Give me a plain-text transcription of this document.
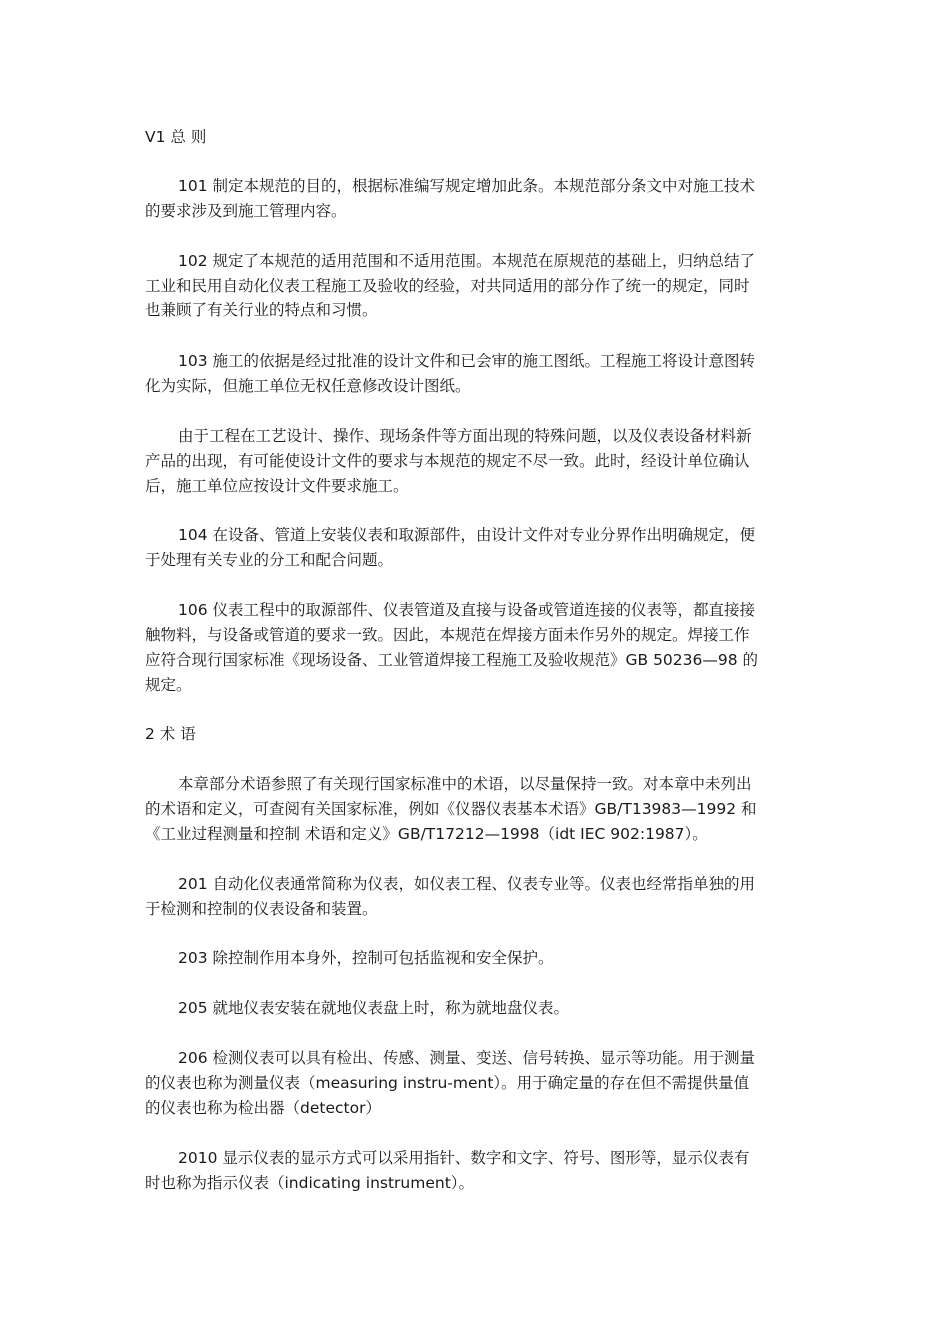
V1 总 则
101 制定本规范的目的，根据标准编写规定增加此条。本规范部分条文中对施工技术
的要求涉及到施工管理内容。
102 规定了本规范的适用范围和不适用范围。本规范在原规范的基础上，归纳总结了
工业和民用自动化仪表工程施工及验收的经验，对共同适用的部分作了统一的规定，同时
也兼顾了有关行业的特点和习惯。
103 施工的依据是经过批准的设计文件和已会审的施工图纸。工程施工将设计意图转
化为实际，但施工单位无权任意修改设计图纸。
由于工程在工艺设计、操作、现场条件等方面出现的特殊问题，以及仪表设备材料新
产品的出现，有可能使设计文件的要求与本规范的规定不尽一致。此时，经设计单位确认
后，施工单位应按设计文件要求施工。
104 在设备、管道上安装仪表和取源部件，由设计文件对专业分界作出明确规定，便
于处理有关专业的分工和配合问题。
106 仪表工程中的取源部件、仪表管道及直接与设备或管道连接的仪表等，都直接接
触物料，与设备或管道的要求一致。因此，本规范在焊接方面未作另外的规定。焊接工作
应符合现行国家标准《现场设备、工业管道焊接工程施工及验收规范》GB 50236—98 的
规定。
2 术 语
本章部分术语参照了有关现行国家标准中的术语，以尽量保持一致。对本章中未列出
的术语和定义，可查阅有关国家标准，例如《仪器仪表基本术语》GB/T13983—1992 和
《工业过程测量和控制 术语和定义》GB/T17212—1998（idt IEC 902:1987）。
201 自动化仪表通常简称为仪表，如仪表工程、仪表专业等。仪表也经常指单独的用
于检测和控制的仪表设备和装置。
203 除控制作用本身外，控制可包括监视和安全保护。
205 就地仪表安装在就地仪表盘上时，称为就地盘仪表。
206 检测仪表可以具有检出、传感、测量、变送、信号转换、显示等功能。用于测量
的仪表也称为测量仪表（measuring instru-ment）。用于确定量的存在但不需提供量值
的仪表也称为检出器（detector）
2010 显示仪表的显示方式可以采用指针、数字和文字、符号、图形等，显示仪表有
时也称为指示仪表（indicating instrument）。
